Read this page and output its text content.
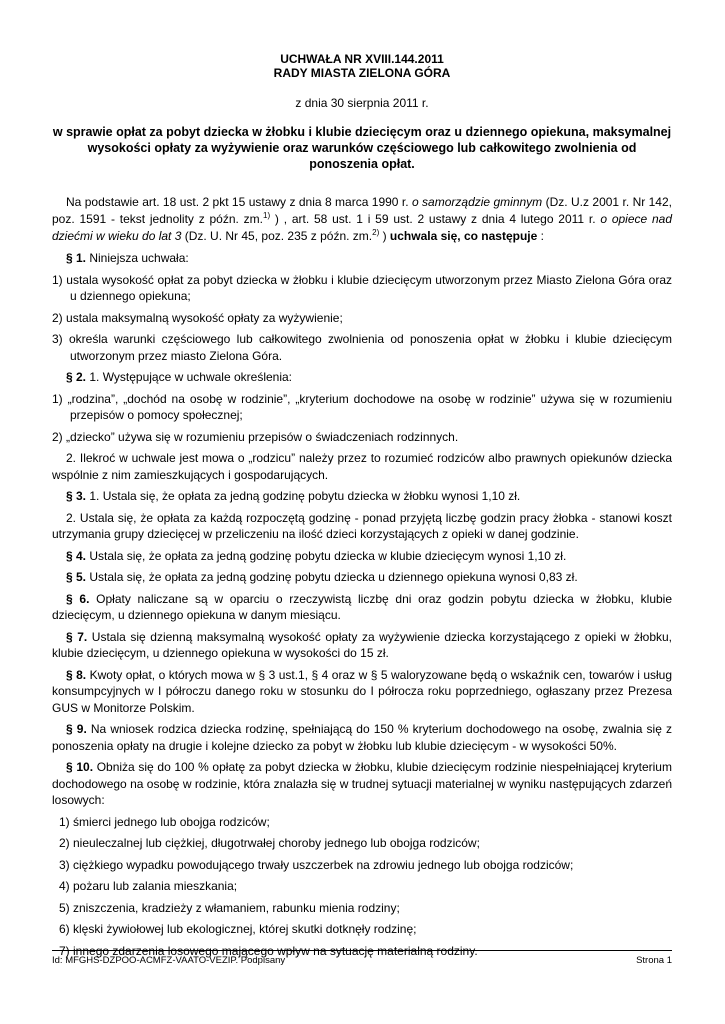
UCHWAŁA NR XVIII.144.2011

RADY MIASTA ZIELONA GÓRA

z dnia 30 sierpnia 2011 r.
w sprawie opłat za pobyt dziecka w żłobku i klubie dziecięcym oraz u dziennego opiekuna, maksymalnej wysokości opłaty za wyżywienie oraz warunków częściowego lub całkowitego zwolnienia od ponoszenia opłat.
Na podstawie art. 18 ust. 2 pkt 15 ustawy z dnia 8 marca 1990 r. o samorządzie gminnym (Dz. U.z 2001 r. Nr 142, poz. 1591 - tekst jednolity z późn. zm.$^{1)}$ ) , art. 58 ust. 1 i 59 ust. 2 ustawy z dnia 4 lutego 2011 r. o opiece nad dziećmi w wieku do lat 3 (Dz. U. Nr 45, poz. 235 z późn. zm.$^{2)}$ ) uchwala się, co następuje :
§ 1. Niniejsza uchwała:
1) ustala wysokość opłat za pobyt dziecka w żłobku i klubie dziecięcym utworzonym przez Miasto Zielona Góra oraz u dziennego opiekuna;
2) ustala maksymalną wysokość opłaty za wyżywienie;
3) określa warunki częściowego lub całkowitego zwolnienia od ponoszenia opłat w żłobku i klubie dziecięcym utworzonym przez miasto Zielona Góra.
§ 2. 1. Występujące w uchwale określenia:
1) „rodzina”, „dochód na osobę w rodzinie”, „kryterium dochodowe na osobę w rodzinie” używa się w rozumieniu przepisów o pomocy społecznej;
2) „dziecko” używa się w rozumieniu przepisów o świadczeniach rodzinnych.
2. Ilekroć w uchwale jest mowa o „rodzicu” należy przez to rozumieć rodziców albo prawnych opiekunów dziecka wspólnie z nim zamieszkujących i gospodarujących.
§ 3. 1. Ustala się, że opłata za jedną godzinę pobytu dziecka w żłobku wynosi 1,10 zł.
2. Ustala się, że opłata za każdą rozpoczętą godzinę - ponad przyjętą liczbę godzin pracy żłobka - stanowi koszt utrzymania grupy dziecięcej w przeliczeniu na ilość dzieci korzystających z opieki w danej godzinie.
§ 4. Ustala się, że opłata za jedną godzinę pobytu dziecka w klubie dziecięcym wynosi 1,10 zł.
§ 5. Ustala się, że opłata za jedną godzinę pobytu dziecka u dziennego opiekuna wynosi 0,83 zł.
§ 6. Opłaty naliczane są w oparciu o rzeczywistą liczbę dni oraz godzin pobytu dziecka w żłobku, klubie dziecięcym, u dziennego opiekuna w danym miesiącu.
§ 7. Ustala się dzienną maksymalną wysokość opłaty za wyżywienie dziecka korzystającego z opieki w żłobku, klubie dziecięcym, u dziennego opiekuna w wysokości do 15 zł.
§ 8. Kwoty opłat, o których mowa w § 3 ust.1, § 4 oraz w § 5 waloryzowane będą o wskaźnik cen, towarów i usług konsumpcyjnych w I półroczu danego roku w stosunku do I półrocza roku poprzedniego, ogłaszany przez Prezesa GUS w Monitorze Polskim.
§ 9. Na wniosek rodzica dziecka rodzinę, spełniającą do 150 % kryterium dochodowego na osobę, zwalnia się z ponoszenia opłaty na drugie i kolejne dziecko za pobyt w żłobku lub klubie dziecięcym - w wysokości 50%.
§ 10. Obniża się do 100 % opłatę za pobyt dziecka w żłobku, klubie dziecięcym rodzinie niespełniającej kryterium dochodowego na osobę w rodzinie, która znalazła się w trudnej sytuacji materialnej w wyniku następujących zdarzeń losowych:
1) śmierci jednego lub obojga rodziców;
2) nieuleczalnej lub ciężkiej, długotrwałej choroby jednego lub obojga rodziców;
3) ciężkiego wypadku powodującego trwały uszczerbek na zdrowiu jednego lub obojga rodziców;
4) pożaru lub zalania mieszkania;
5) zniszczenia, kradzieży z włamaniem, rabunku mienia rodziny;
6) klęski żywiołowej lub ekologicznej, której skutki dotknęły rodzinę;
7) innego zdarzenia losowego mającego wpływ na sytuację materialną rodziny.
Id: MFGHS-DZPOO-ACMFZ-VAATO-VEZIP. Podpisany	Strona 1
